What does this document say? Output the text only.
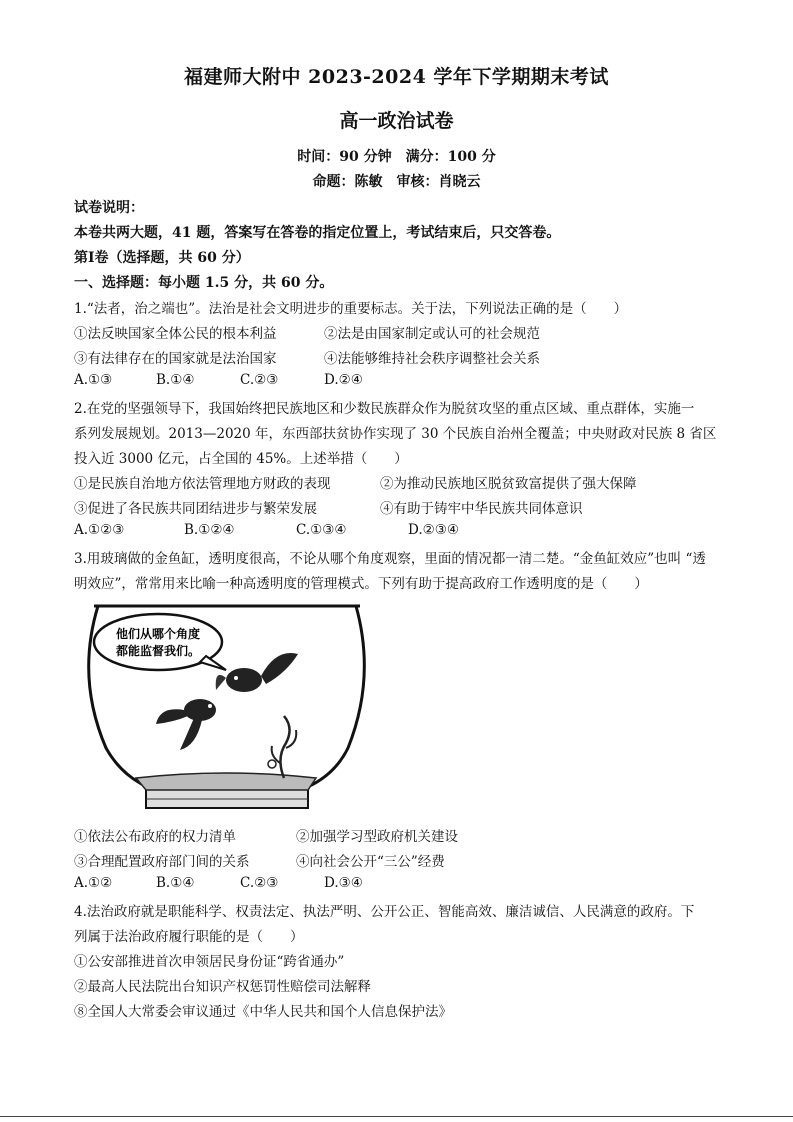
福建师大附中 2023-2024 学年下学期期末考试
高一政治试卷
时间：90 分钟　满分：100 分
命题：陈敏　审核：肖晓云
试卷说明：
本卷共两大题，41 题，答案写在答卷的指定位置上，考试结束后，只交答卷。
第Ⅰ卷（选择题，共 60 分）
一、选择题：每小题 1.5 分，共 60 分。
1.“法者，治之端也”。法治是社会文明进步的重要标志。关于法，下列说法正确的是（　　）
①法反映国家全体公民的根本利益	②法是由国家制定或认可的社会规范
③有法律存在的国家就是法治国家	④法能够维持社会秩序调整社会关系
A.①③	B.①④	C.②③	D.②④
2.在党的坚强领导下，我国始终把民族地区和少数民族群众作为脱贫攻坚的重点区域、重点群体，实施一
系列发展规划。2013—2020 年，东西部扶贫协作实现了 30 个民族自治州全覆盖；中央财政对民族 8 省区
投入近 3000 亿元，占全国的 45%。上述举措（　　）
①是民族自治地方依法管理地方财政的表现	②为推动民族地区脱贫致富提供了强大保障
③促进了各民族共同团结进步与繁荣发展	④有助于铸牢中华民族共同体意识
A.①②③	B.①②④	C.①③④	D.②③④
3.用玻璃做的金鱼缸，透明度很高，不论从哪个角度观察，里面的情况都一清二楚。“金鱼缸效应”也叫 “透
明效应”，常常用来比喻一种高透明度的管理模式。下列有助于提高政府工作透明度的是（　　）
他们从哪个角度
都能监督我们。
①依法公布政府的权力清单	②加强学习型政府机关建设
③合理配置政府部门间的关系	④向社会公开“三公”经费
A.①②	B.①④	C.②③	D.③④
4.法治政府就是职能科学、权责法定、执法严明、公开公正、智能高效、廉洁诚信、人民满意的政府。下
列属于法治政府履行职能的是（　　）
①公安部推进首次申领居民身份证“跨省通办”
②最高人民法院出台知识产权惩罚性赔偿司法解释
⑧全国人大常委会审议通过《中华人民共和国个人信息保护法》
